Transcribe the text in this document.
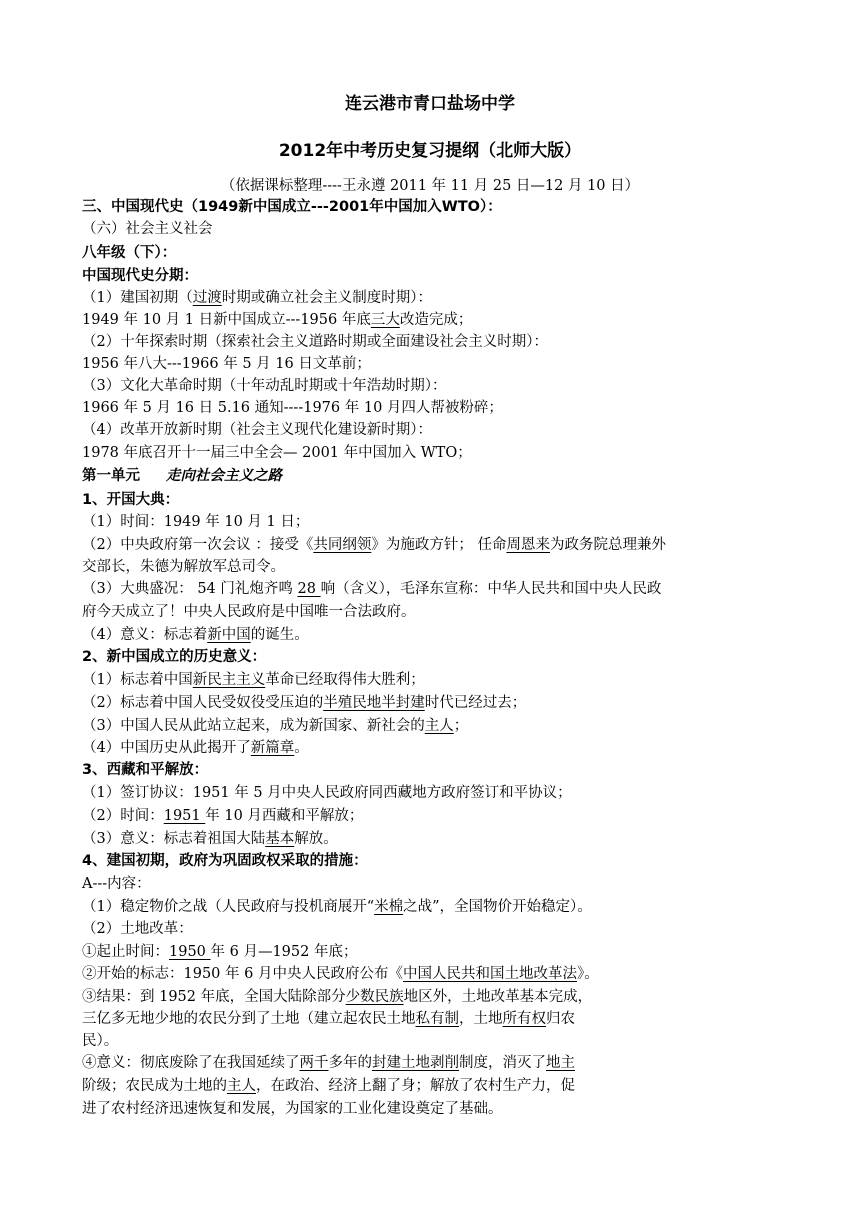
连云港市青口盐场中学
2012年中考历史复习提纲（北师大版）
（依据课标整理----王永遵 2011 年 11 月 25 日—12 月 10 日）
三、中国现代史（1949新中国成立---2001年中国加入WTO）：
（六）社会主义社会
八年级（下）：
中国现代史分期：
（1）建国初期（过渡时期或确立社会主义制度时期）：
1949 年 10 月 1 日新中国成立---1956 年底三大改造完成；
（2）十年探索时期（探索社会主义道路时期或全面建设社会主义时期）：
1956 年八大---1966 年 5 月 16 日文革前；
（3）文化大革命时期（十年动乱时期或十年浩劫时期）：
1966 年 5 月 16 日 5.16 通知----1976 年 10 月四人帮被粉碎；
（4）改革开放新时期（社会主义现代化建设新时期）：
1978 年底召开十一届三中全会— 2001 年中国加入 WTO；
第一单元 走向社会主义之路
1、开国大典：
（1）时间：1949 年 10 月 1 日；
（2）中央政府第一次会议 ：接受《共同纲领》为施政方针； 任命周恩来为政务院总理兼外
交部长，朱德为解放军总司令。
（3）大典盛况： 54 门礼炮齐鸣 28 响（含义），毛泽东宣称：中华人民共和国中央人民政
府今天成立了！中央人民政府是中国唯一合法政府。
（4）意义：标志着新中国的诞生。
2、新中国成立的历史意义：
（1）标志着中国新民主主义革命已经取得伟大胜利；
（2）标志着中国人民受奴役受压迫的半殖民地半封建时代已经过去；
（3）中国人民从此站立起来，成为新国家、新社会的主人；
（4）中国历史从此揭开了新篇章。
3、西藏和平解放：
（1）签订协议：1951 年 5 月中央人民政府同西藏地方政府签订和平协议；
（2）时间：1951 年 10 月西藏和平解放；
（3）意义：标志着祖国大陆基本解放。
4、建国初期，政府为巩固政权采取的措施：
A---内容：
（1）稳定物价之战（人民政府与投机商展开“米棉之战”，全国物价开始稳定）。
（2）土地改革：
①起止时间：1950 年 6 月—1952 年底；
②开始的标志：1950 年 6 月中央人民政府公布《中国人民共和国土地改革法》。
③结果：到 1952 年底，全国大陆除部分少数民族地区外，土地改革基本完成，
三亿多无地少地的农民分到了土地（建立起农民土地私有制，土地所有权归农
民）。
④意义：彻底废除了在我国延续了两千多年的封建土地剥削制度，消灭了地主
阶级；农民成为土地的主人，在政治、经济上翻了身；解放了农村生产力，促
进了农村经济迅速恢复和发展，为国家的工业化建设奠定了基础。
